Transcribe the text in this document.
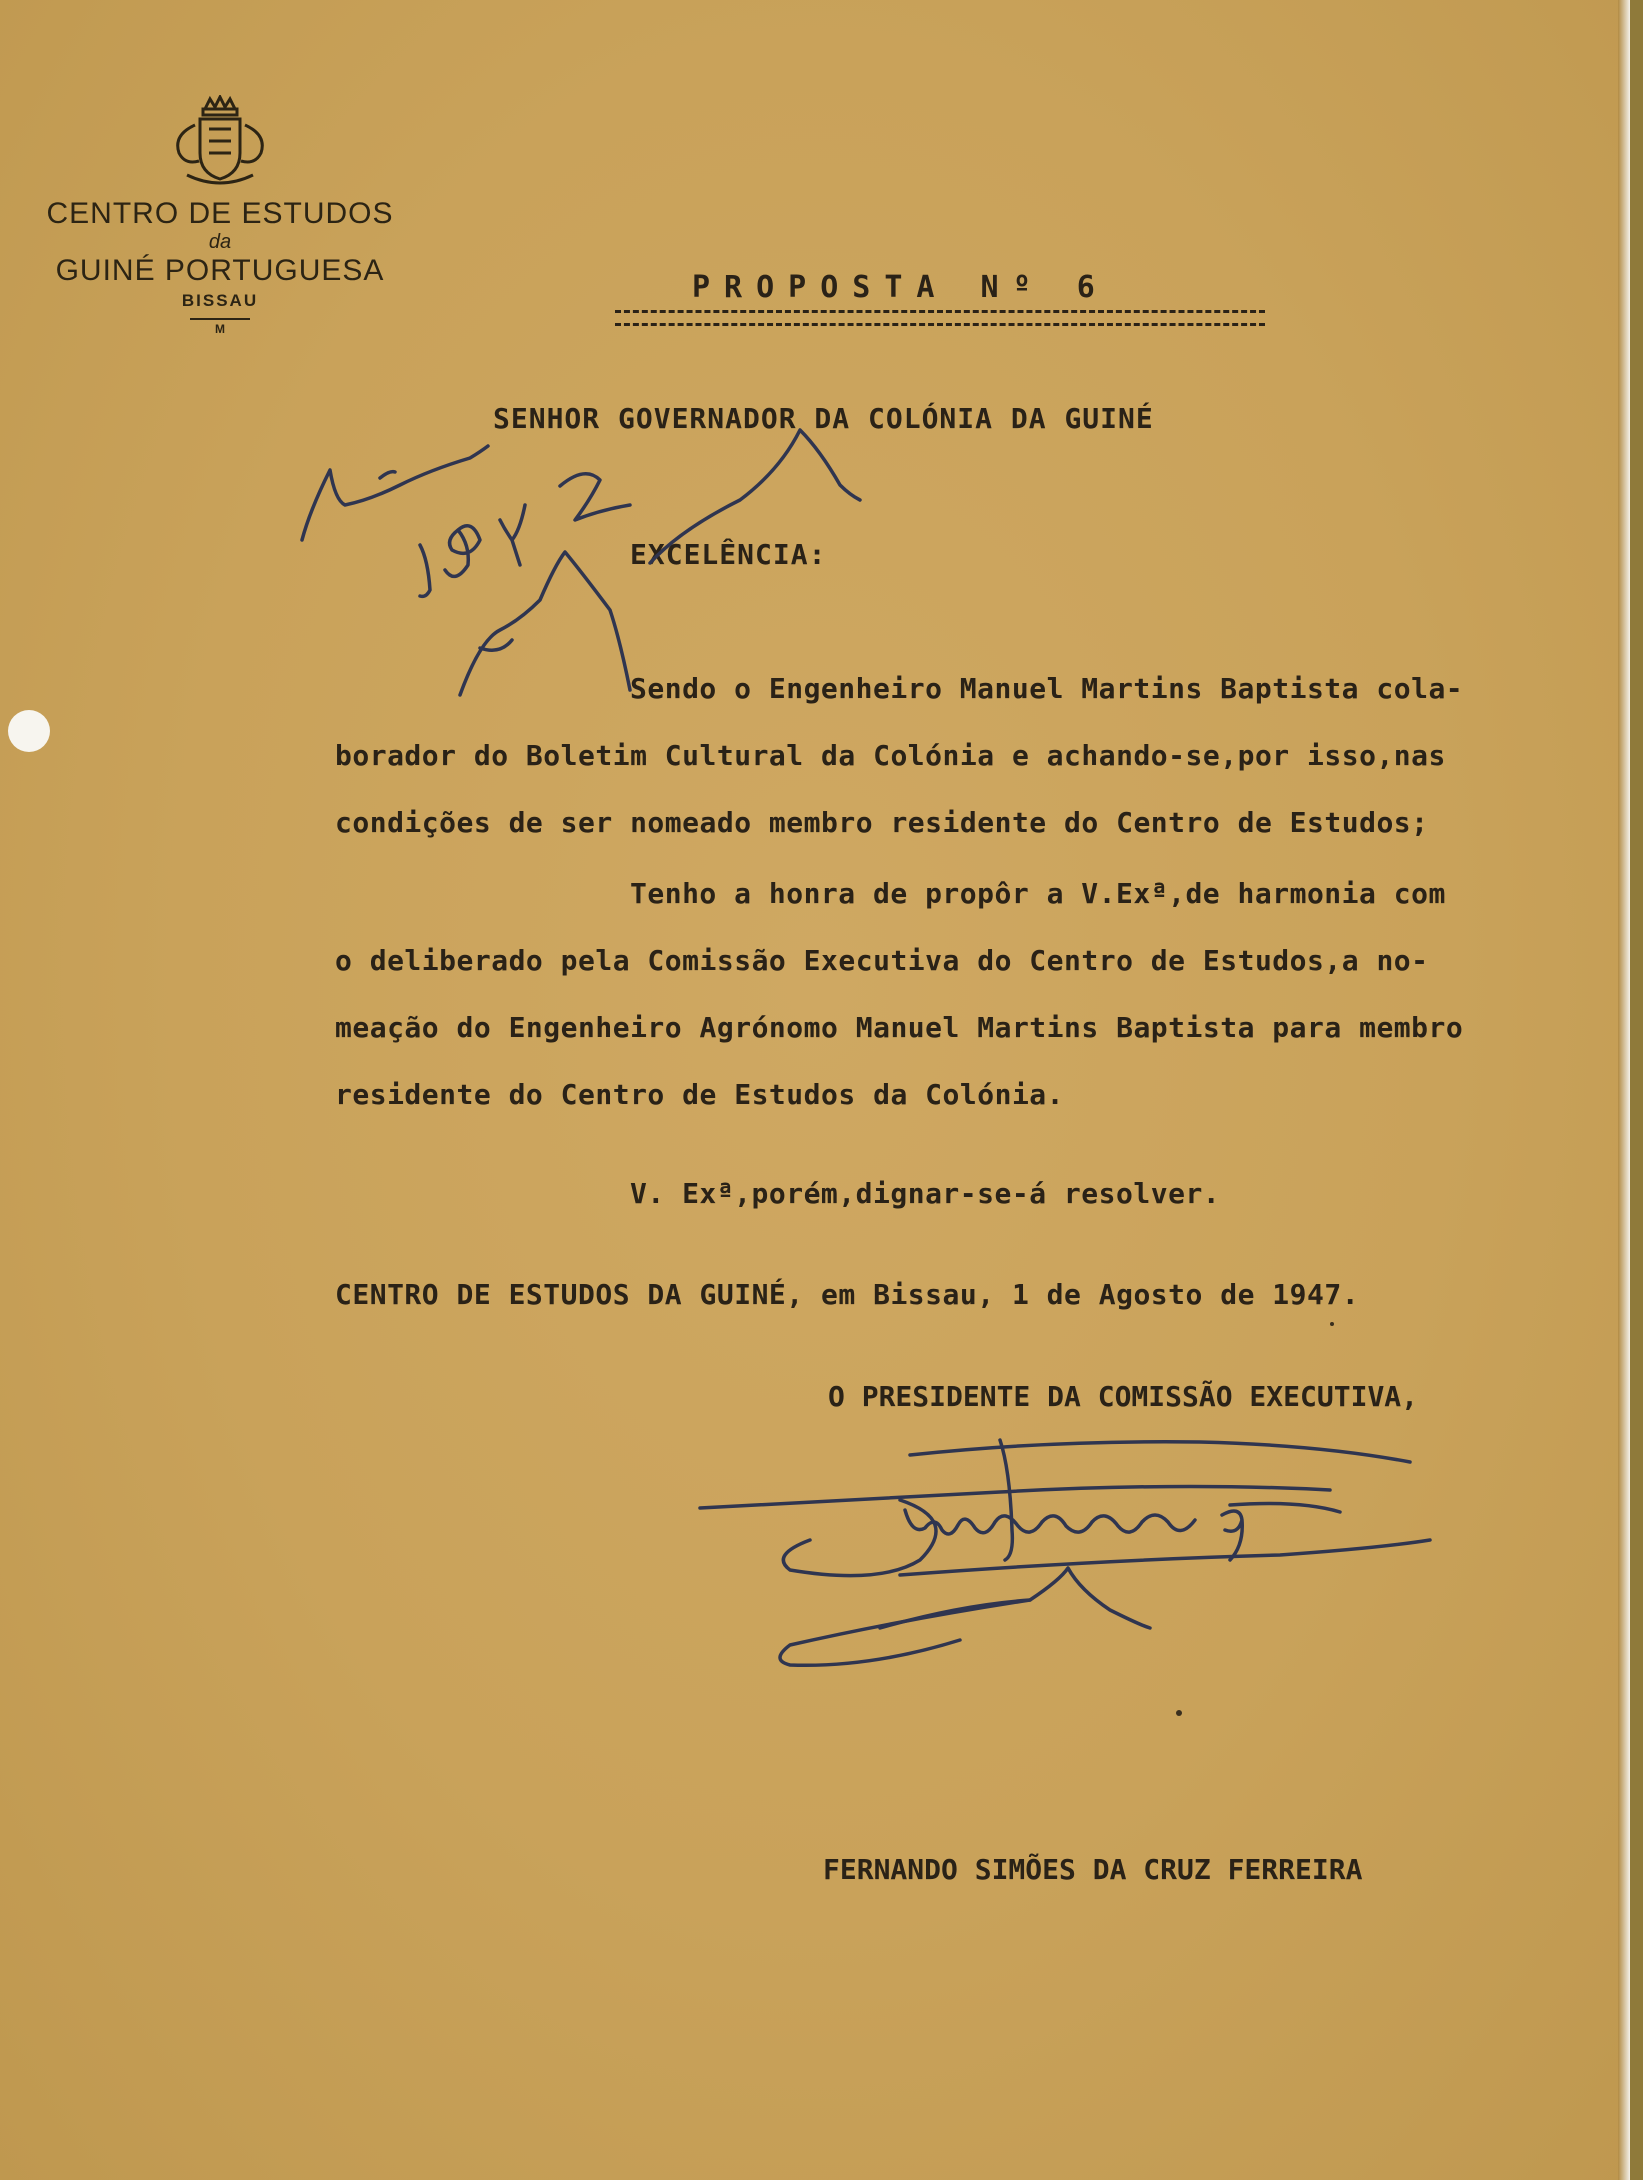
CENTRO DE ESTUDOS
da
GUINÉ PORTUGUESA
BISSAU
M
PROPOSTA Nº 6
SENHOR GOVERNADOR DA COLÓNIA DA GUINÉ
EXCELÊNCIA:
Sendo o Engenheiro Manuel Martins Baptista cola-
borador do Boletim Cultural da Colónia e achando-se,por isso,nas
condições de ser nomeado membro residente do Centro de Estudos;
Tenho a honra de propôr a V.Exª,de harmonia com
o deliberado pela Comissão Executiva do Centro de Estudos,a no-
meação do Engenheiro Agrónomo Manuel Martins Baptista para membro
residente do Centro de Estudos da Colónia.
V. Exª,porém,dignar-se-á resolver.
CENTRO DE ESTUDOS DA GUINÉ, em Bissau, 1 de Agosto de 1947.
O PRESIDENTE DA COMISSÃO EXECUTIVA,
FERNANDO SIMÕES DA CRUZ FERREIRA
